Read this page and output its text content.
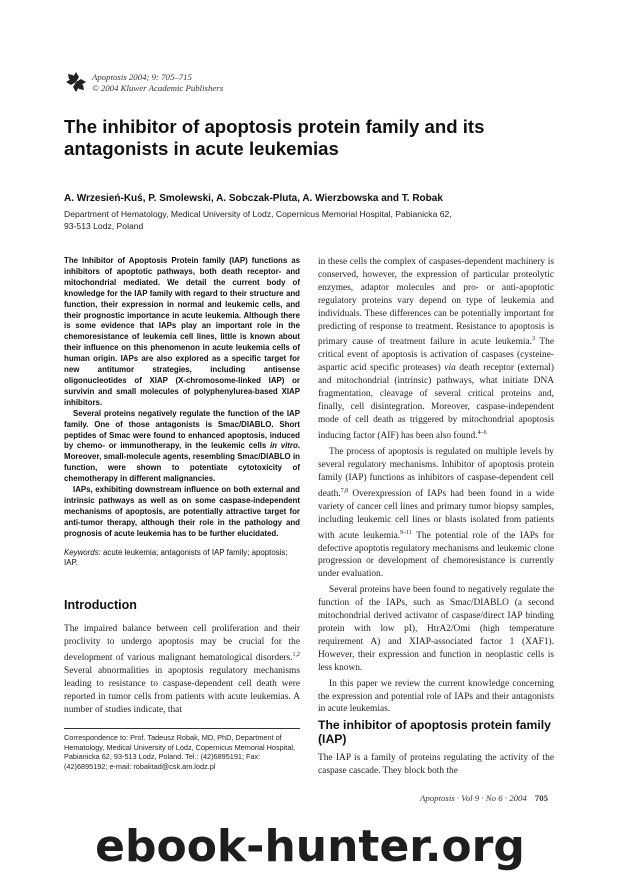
Apoptosis 2004; 9: 705–715
© 2004 Kluwer Academic Publishers
The inhibitor of apoptosis protein family and its antagonists in acute leukemias
A. Wrzesień-Kuś, P. Smolewski, A. Sobczak-Pluta, A. Wierzbowska and T. Robak
Department of Hematology, Medical University of Lodz, Copernicus Memorial Hospital, Pabianicka 62, 93-513 Lodz, Poland

The Inhibitor of Apoptosis Protein family (IAP) functions as inhibitors of apoptotic pathways, both death receptor- and mitochondrial mediated. We detail the current body of knowledge for the IAP family with regard to their structure and function, their expression in normal and leukemic cells, and their prognostic importance in acute leukemia. Although there is some evidence that IAPs play an important role in the chemoresistance of leukemia cell lines, little is known about their influence on this phenomenon in acute leukemia cells of human origin. IAPs are also explored as a specific target for new antitumor strategies, including antisense oligonucleotides of XIAP (X-chromosome-linked IAP) or survivin and small molecules of polyphenylurea-based XIAP inhibitors.

Several proteins negatively regulate the function of the IAP family. One of those antagonists is Smac/DIABLO. Short peptides of Smac were found to enhanced apoptosis, induced by chemo- or immunotherapy, in the leukemic cells in vitro. Moreover, small-molecule agents, resembling Smac/DIABLO in function, were shown to potentiate cytotoxicity of chemotherapy in different malignancies.

IAPs, exhibiting downstream influence on both external and intrinsic pathways as well as on some caspase-independent mechanisms of apoptosis, are potentially attractive target for anti-tumor therapy, although their role in the pathology and prognosis of acute leukemia has to be further elucidated.

Keywords: acute leukemia; antagonists of IAP family; apoptosis; IAP.

Introduction

The impaired balance between cell proliferation and their proclivity to undergo apoptosis may be crucial for the development of various malignant hematological disorders.$^{1,2}$ Several abnormalities in apoptosis regulatory mechanisms leading to resistance to caspase-dependent cell death were reported in tumor cells from patients with acute leukemias. A number of studies indicate, that

Correspondence to: Prof. Tadeusz Robak, MD, PhD, Department of Hematology, Medical University of Lodz, Copernicus Memorial Hospital, Pabianicka 62, 93-513 Lodz, Poland. Tel.: (42)6895191; Fax: (42)6895192; e-mail: robaktad@csk.am.lodz.pl

in these cells the complex of caspases-dependent machinery is conserved, however, the expression of particular proteolytic enzymes, adaptor molecules and pro- or anti-apoptotic regulatory proteins vary depend on type of leukemia and individuals. These differences can be potentially important for predicting of response to treatment. Resistance to apoptosis is primary cause of treatment failure in acute leukemia.$^3$ The critical event of apoptosis is activation of caspases (cysteine-aspartic acid specific proteases) via death receptor (external) and mitochondrial (intrinsic) pathways, what initiate DNA fragmentation, cleavage of several critical proteins and, finally, cell disintegration. Moreover, caspase-independent mode of cell death as triggered by mitochondrial apoptosis inducing factor (AIF) has been also found.$^{4-6}$

The process of apoptosis is regulated on multiple levels by several regulatory mechanisms. Inhibitor of apoptosis protein family (IAP) functions as inhibitors of caspase-dependent cell death.$^{7,8}$ Overexpression of IAPs had been found in a wide variety of cancer cell lines and primary tumor biopsy samples, including leukemic cell lines or blasts isolated from patients with acute leukemia.$^{9-11}$ The potential role of the IAPs for defective apoptotis regulatory mechanisms and leukemic clone progression or development of chemoresistance is currently under evaluation.

Several proteins have been found to negatively regulate the function of the IAPs, such as Smac/DIABLO (a second mitochondrial derived activator of caspase/direct IAP binding protein with low pI), HtrA2/Omi (high temperature requirement A) and XIAP-associated factor 1 (XAF1). However, their expression and function in neoplastic cells is less known.

In this paper we review the current knowledge concerning the expression and potential role of IAPs and their antagonists in acute leukemias.

The inhibitor of apoptosis protein family (IAP)

The IAP is a family of proteins regulating the activity of the caspase cascade. They block both the

Apoptosis · Vol 9 · No 6 · 2004 705
ebook-hunter.org
